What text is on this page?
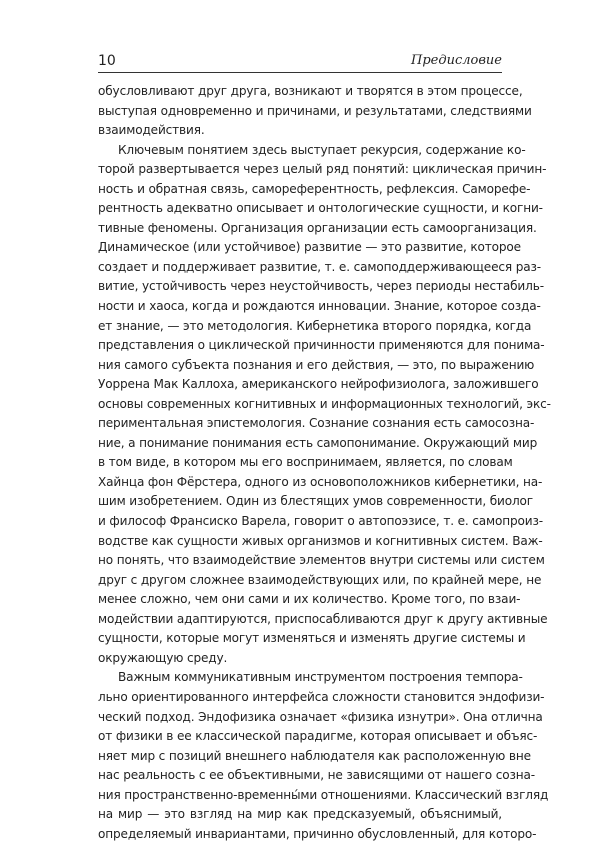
10	Предисловие
обусловливают друг друга, возникают и творятся в этом процессе,
выступая одновременно и причинами, и результатами, следствиями
взаимодействия.
Ключевым понятием здесь выступает рекурсия, содержание ко-
торой развертывается через целый ряд понятий: циклическая причин-
ность и обратная связь, самореферентность, рефлексия. Саморефе-
рентность адекватно описывает и онтологические сущности, и когни-
тивные феномены. Организация организации есть самоорганизация.
Динамическое (или устойчивое) развитие — это развитие, которое
создает и поддерживает развитие, т. е. самоподдерживающееся раз-
витие, устойчивость через неустойчивость, через периоды нестабиль-
ности и хаоса, когда и рождаются инновации. Знание, которое созда-
ет знание, — это методология. Кибернетика второго порядка, когда
представления о циклической причинности применяются для понима-
ния самого субъекта познания и его действия, — это, по выражению
Уоррена Мак Каллоха, американского нейрофизиолога, заложившего
основы современных когнитивных и информационных технологий, экс-
периментальная эпистемология. Сознание сознания есть самосозна-
ние, а понимание понимания есть самопонимание. Окружающий мир
в том виде, в котором мы его воспринимаем, является, по словам
Хайнца фон Фёрстера, одного из основоположников кибернетики, на-
шим изобретением. Один из блестящих умов современности, биолог
и философ Франсиско Варела, говорит о автопоэзисе, т. е. самопроиз-
водстве как сущности живых организмов и когнитивных систем. Важ-
но понять, что взаимодействие элементов внутри системы или систем
друг с другом сложнее взаимодействующих или, по крайней мере, не
менее сложно, чем они сами и их количество. Кроме того, по взаи-
модействии адаптируются, приспосабливаются друг к другу активные
сущности, которые могут изменяться и изменять другие системы и
окружающую среду.
Важным коммуникативным инструментом построения темпора-
льно ориентированного интерфейса сложности становится эндофизи-
ческий подход. Эндофизика означает «физика изнутри». Она отлична
от физики в ее классической парадигме, которая описывает и объяс-
няет мир с позиций внешнего наблюдателя как расположенную вне
нас реальность с ее объективными, не зависящими от нашего созна-
ния пространственно-временны́ми отношениями. Классический взгляд
на мир — это взгляд на мир как предсказуемый, объяснимый,
определяемый инвариантами, причинно обусловленный, для которо-
